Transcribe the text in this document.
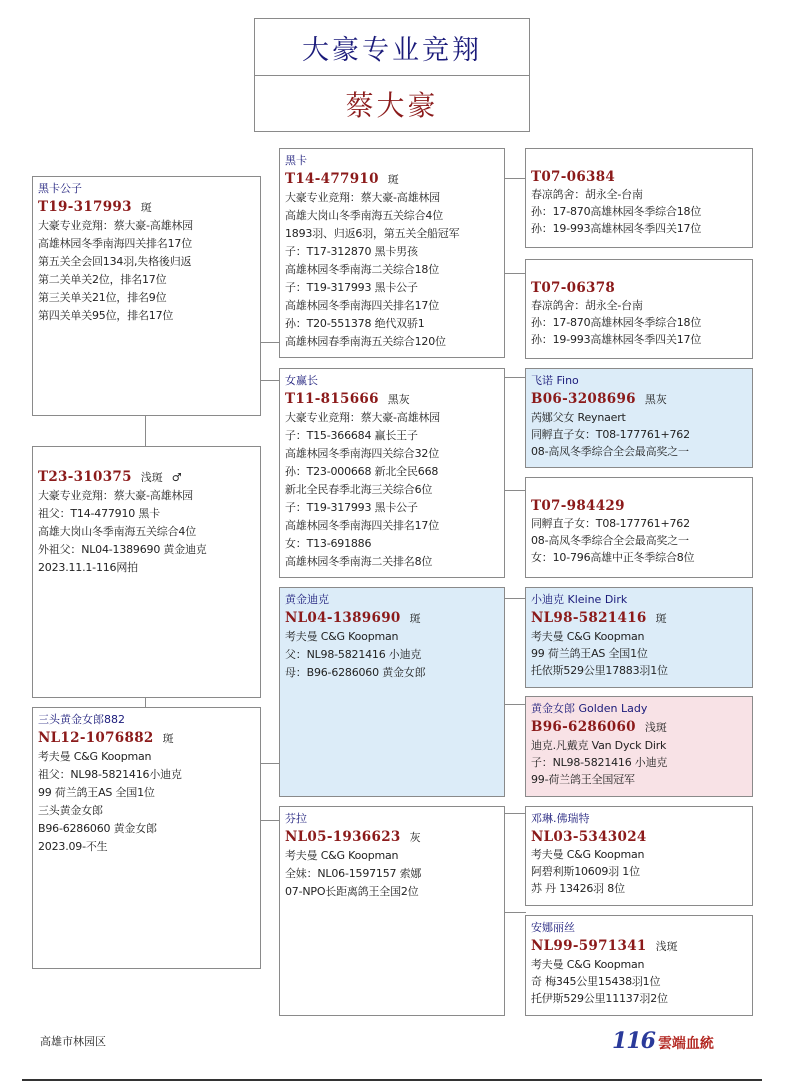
大豪专业竞翔
蔡大豪
黑卡公子
T19-317993 斑
大豪专业竞翔：蔡大豪-高雄林园
高雄林园冬季南海四关排名17位
第五关全会回134羽,失格後归返
第二关单关2位，排名17位
第三关单关21位，排名9位
第四关单关95位，排名17位
T23-310375 浅斑 ♂
大豪专业竞翔：蔡大豪-高雄林园
祖父：T14-477910 黑卡
高雄大岗山冬季南海五关综合4位
外祖父：NL04-1389690 黄金迪克
2023.11.1-116网拍
三头黄金女郎882
NL12-1076882 斑
考夫曼 C&G Koopman
祖父：NL98-5821416小迪克
99 荷兰鸽王AS 全国1位
三头黄金女郎
B96-6286060 黄金女郎
2023.09-不生
黑卡
T14-477910 斑
大豪专业竞翔：蔡大豪-高雄林园
高雄大岗山冬季南海五关综合4位
1893羽、归返6羽，第五关全船冠军
子：T17-312870 黑卡男孩
高雄林园冬季南海二关综合18位
子：T19-317993 黑卡公子
高雄林园冬季南海四关排名17位
孙：T20-551378 绝代双骄1
高雄林园春季南海五关综合120位
女赢长
T11-815666 黑灰
大豪专业竞翔：蔡大豪-高雄林园
子：T15-366684 赢长王子
高雄林园冬季南海四关综合32位
孙：T23-000668 新北全民668
新北全民春季北海三关综合6位
子：T19-317993 黑卡公子
高雄林园冬季南海四关排名17位
女：T13-691886
高雄林园冬季南海二关排名8位
黄金迪克
NL04-1389690 斑
考夫曼 C&G Koopman
父：NL98-5821416 小迪克
母：B96-6286060 黄金女郎
芬拉
NL05-1936623 灰
考夫曼 C&G Koopman
全妹：NL06-1597157 索娜
07-NPO长距离鸽王全国2位
T07-06384
春凉鸽舍：胡永全-台南
孙：17-870高雄林园冬季综合18位
孙：19-993高雄林园冬季四关17位
T07-06378
春凉鸽舍：胡永全-台南
孙：17-870高雄林园冬季综合18位
孙：19-993高雄林园冬季四关17位
飞诺 Fino
B06-3208696 黑灰
芮娜父女 Reynaert
同孵直子女：T08-177761+762
08-高凤冬季综合全会最高奖之一
T07-984429
同孵直子女：T08-177761+762
08-高凤冬季综合全会最高奖之一
女：10-796高雄中正冬季综合8位
小迪克 Kleine Dirk
NL98-5821416 斑
考夫曼 C&G Koopman
99 荷兰鸽王AS 全国1位
托依斯529公里17883羽1位
黄金女郎 Golden Lady
B96-6286060 浅斑
迪克.凡戴克 Van Dyck Dirk
子：NL98-5821416 小迪克
99-荷兰鸽王全国冠军
邓琳.佛瑞特
NL03-5343024
考夫曼 C&G Koopman
阿碧利斯10609羽 1位
苏 丹 13426羽 8位
安娜丽丝
NL99-5971341 浅斑
考夫曼 C&G Koopman
奇 梅345公里15438羽1位
托伊斯529公里11137羽2位
高雄市林园区	116 雲端血統
